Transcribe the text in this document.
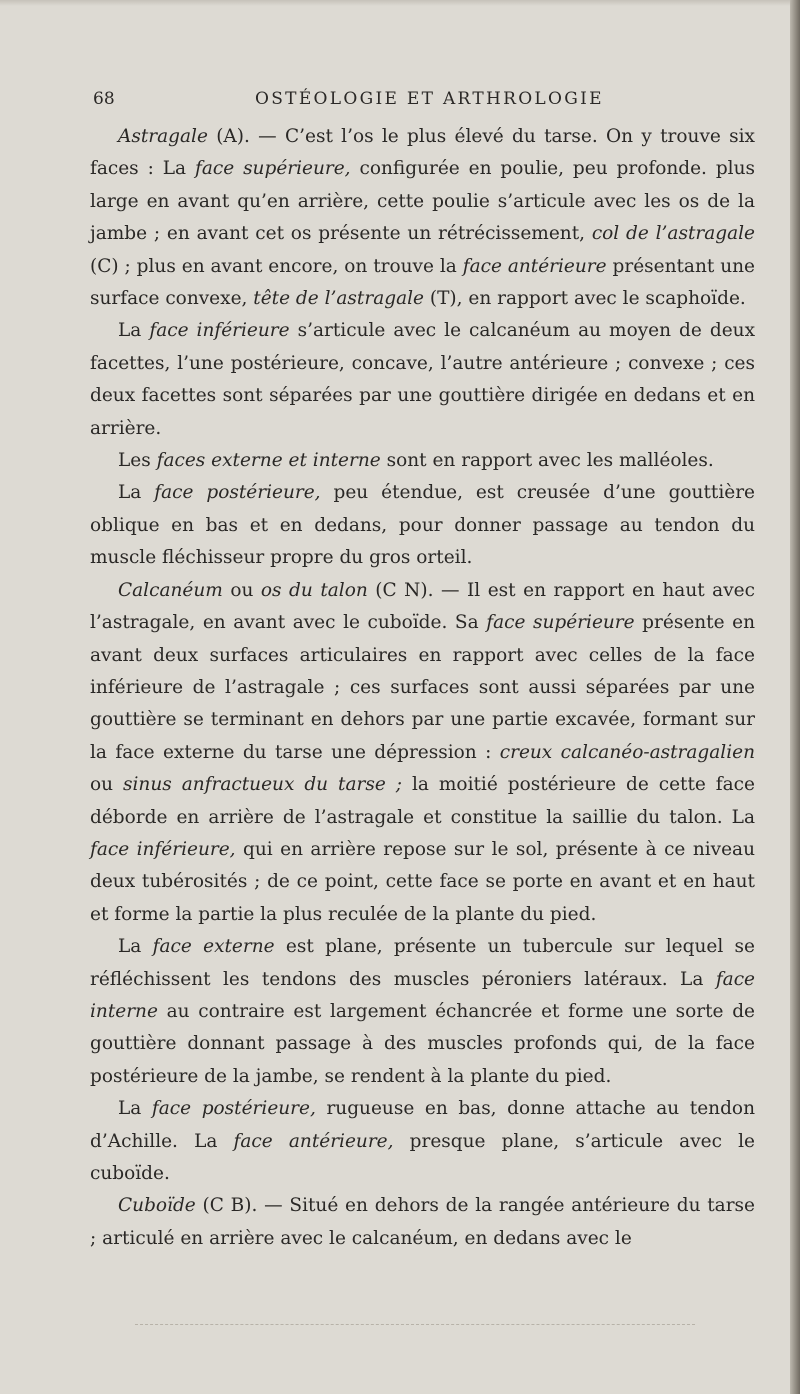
68	OSTÉOLOGIE ET ARTHROLOGIE

Astragale (A). — C’est l’os le plus élevé du tarse. On y trouve six faces : La face supérieure, configurée en poulie, peu profonde. plus large en avant qu’en arrière, cette poulie s’articule avec les os de la jambe ; en avant cet os présente un rétrécissement, col de l’astragale (C) ; plus en avant encore, on trouve la face antérieure présentant une surface convexe, tête de l’astragale (T), en rapport avec le scaphoïde.

La face inférieure s’articule avec le calcanéum au moyen de deux facettes, l’une postérieure, concave, l’autre antérieure ; convexe ; ces deux facettes sont séparées par une gouttière dirigée en dedans et en arrière.

Les faces externe et interne sont en rapport avec les malléoles.

La face postérieure, peu étendue, est creusée d’une gouttière oblique en bas et en dedans, pour donner passage au tendon du muscle fléchisseur propre du gros orteil.

Calcanéum ou os du talon (C N). — Il est en rapport en haut avec l’astragale, en avant avec le cuboïde. Sa face supérieure présente en avant deux surfaces articulaires en rapport avec celles de la face inférieure de l’astragale ; ces surfaces sont aussi séparées par une gouttière se terminant en dehors par une partie excavée, formant sur la face externe du tarse une dépression : creux calcanéo-astragalien ou sinus anfractueux du tarse ; la moitié postérieure de cette face déborde en arrière de l’astragale et constitue la saillie du talon. La face inférieure, qui en arrière repose sur le sol, présente à ce niveau deux tubérosités ; de ce point, cette face se porte en avant et en haut et forme la partie la plus reculée de la plante du pied.

La face externe est plane, présente un tubercule sur lequel se réfléchissent les tendons des muscles péroniers latéraux. La face interne au contraire est largement échancrée et forme une sorte de gouttière donnant passage à des muscles profonds qui, de la face postérieure de la jambe, se rendent à la plante du pied.

La face postérieure, rugueuse en bas, donne attache au tendon d’Achille. La face antérieure, presque plane, s’articule avec le cuboïde.

Cuboïde (C B). — Situé en dehors de la rangée antérieure du tarse ; articulé en arrière avec le calcanéum, en dedans avec le
